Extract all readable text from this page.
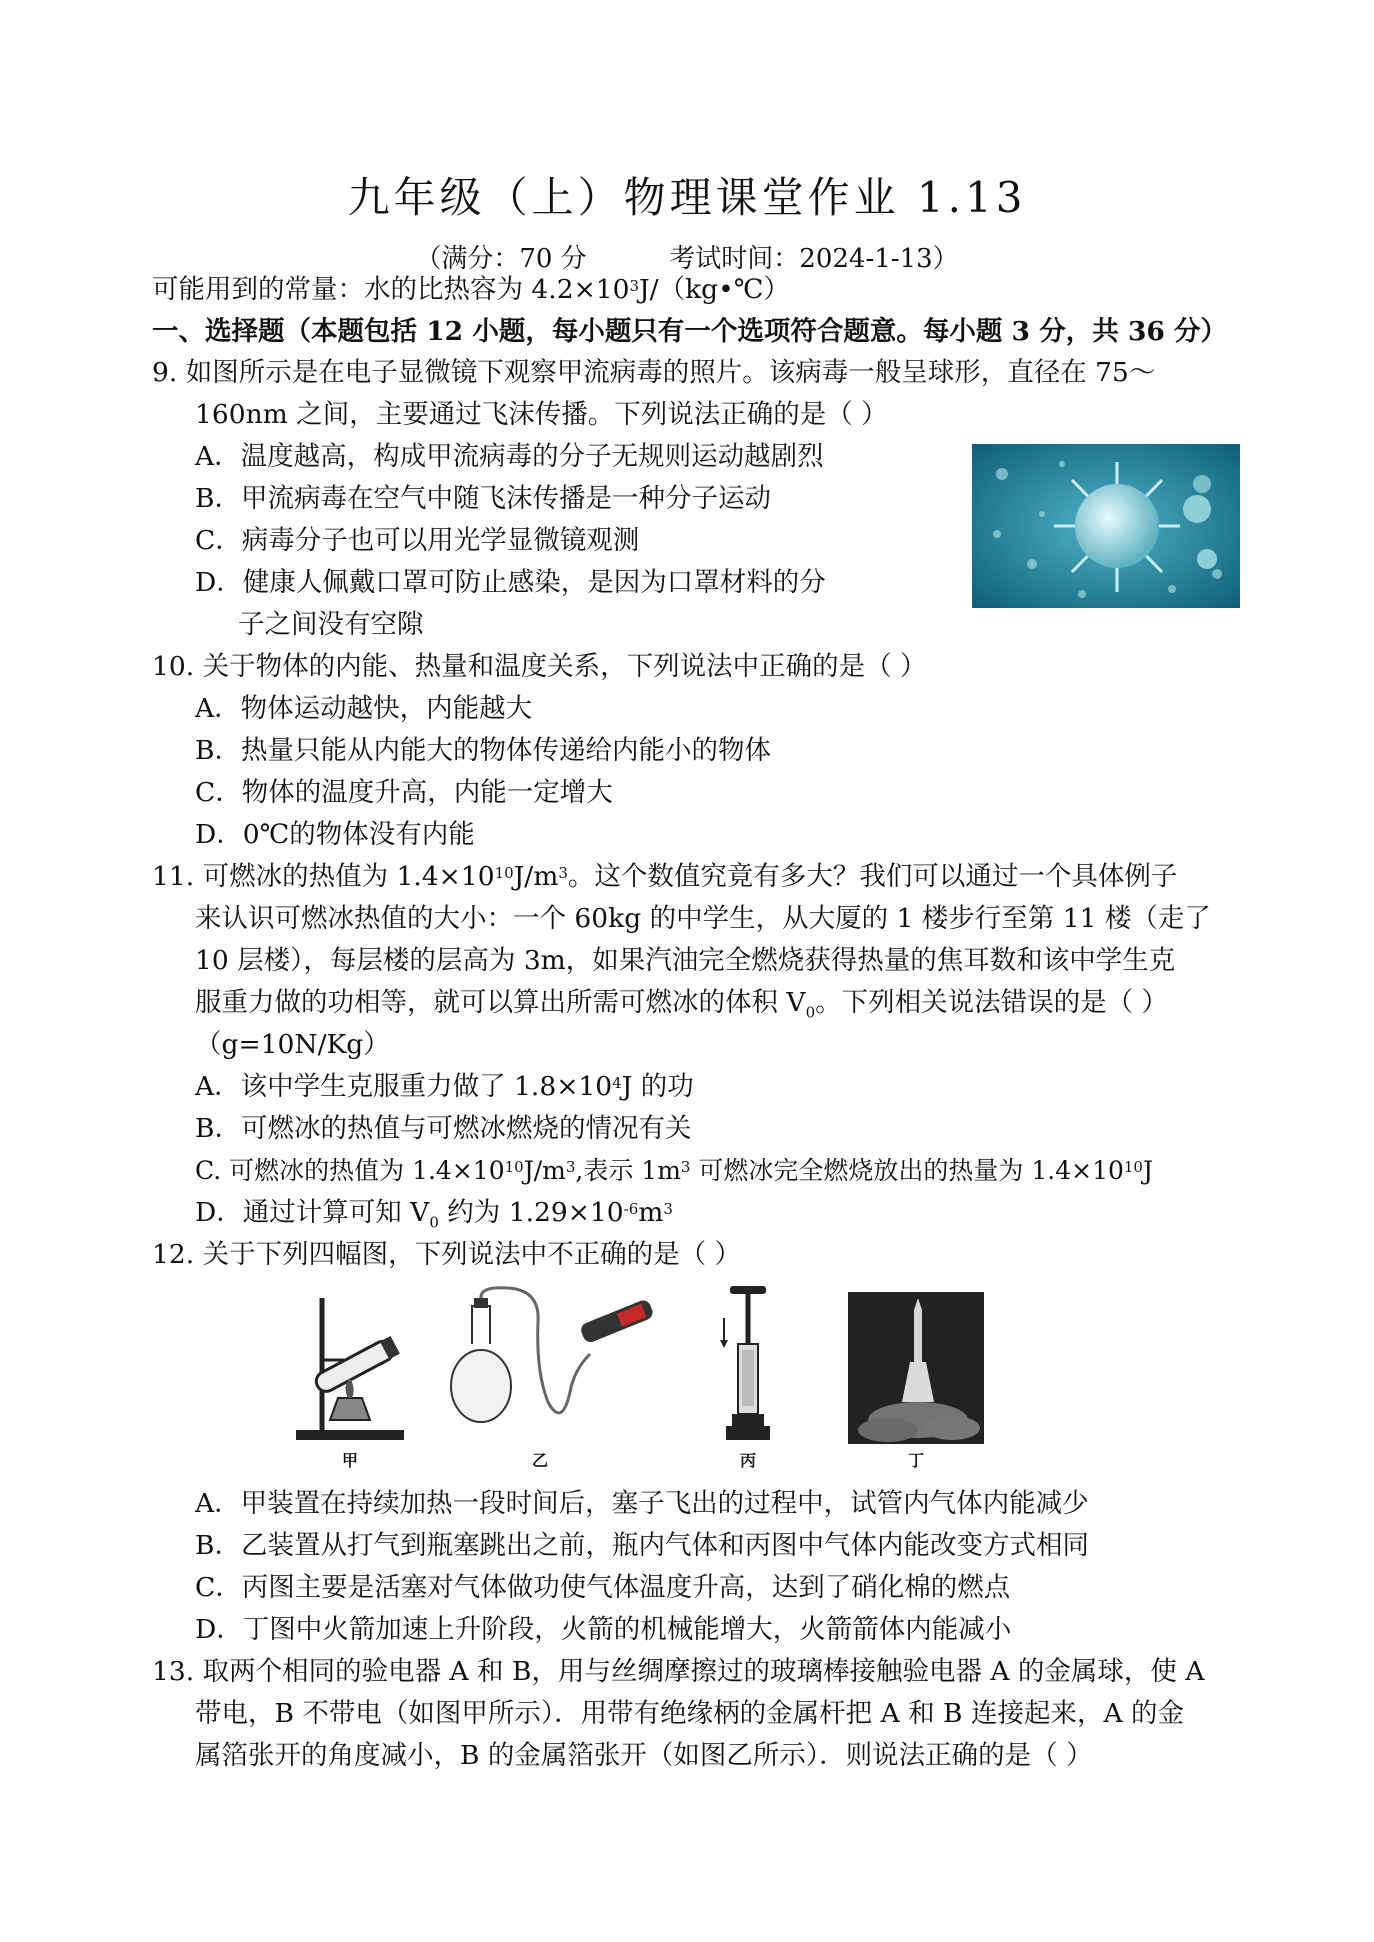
九年级（上）物理课堂作业 1.13
（满分：70 分          考试时间：2024-1-13）
可能用到的常量：水的比热容为 $4.2\times 10^3J/(kg•℃)$
一、选择题（本题包括 12 小题，每小题只有一个选项符合题意。每小题 3 分，共 36 分）
9. 如图所示是在电子显微镜下观察甲流病毒的照片。该病毒一般呈球形，直径在 75～
160nm 之间，主要通过飞沫传播。下列说法正确的是（ ）
A．温度越高，构成甲流病毒的分子无规则运动越剧烈
B．甲流病毒在空气中随飞沫传播是一种分子运动
C．病毒分子也可以用光学显微镜观测
D．健康人佩戴口罩可防止感染，是因为口罩材料的分
子之间没有空隙
10. 关于物体的内能、热量和温度关系，下列说法中正确的是（ ）
A．物体运动越快，内能越大
B．热量只能从内能大的物体传递给内能小的物体
C．物体的温度升高，内能一定增大
D．0℃的物体没有内能
11. 可燃冰的热值为 $1.4\times 10^{10}J/m^3$。这个数值究竟有多大？我们可以通过一个具体例子
来认识可燃冰热值的大小：一个 60kg 的中学生，从大厦的 1 楼步行至第 11 楼（走了
10 层楼），每层楼的层高为 3m，如果汽油完全燃烧获得热量的焦耳数和该中学生克
服重力做的功相等，就可以算出所需可燃冰的体积 $V_0$。下列相关说法错误的是（ ）
（g=10N/Kg）
A．该中学生克服重力做了 $1.8\times 10^4J$ 的功
B．可燃冰的热值与可燃冰燃烧的情况有关
C. 可燃冰的热值为 $1.4\times 10^{10}J/m^3$,表示 $1m^3$ 可燃冰完全燃烧放出的热量为 $1.4\times 10^{10}J$
D．通过计算可知 $V_0$ 约为 $1.29\times 10^{-6}m^3$
12. 关于下列四幅图，下列说法中不正确的是（ ）
甲	乙	丙	丁
A．甲装置在持续加热一段时间后，塞子飞出的过程中，试管内气体内能减少
B．乙装置从打气到瓶塞跳出之前，瓶内气体和丙图中气体内能改变方式相同
C．丙图主要是活塞对气体做功使气体温度升高，达到了硝化棉的燃点
D．丁图中火箭加速上升阶段，火箭的机械能增大，火箭箭体内能减小
13. 取两个相同的验电器 A 和 B，用与丝绸摩擦过的玻璃棒接触验电器 A 的金属球，使 A
带电，B 不带电（如图甲所示）．用带有绝缘柄的金属杆把 A 和 B 连接起来，A 的金
属箔张开的角度减小，B 的金属箔张开（如图乙所示）．则说法正确的是（ ）
